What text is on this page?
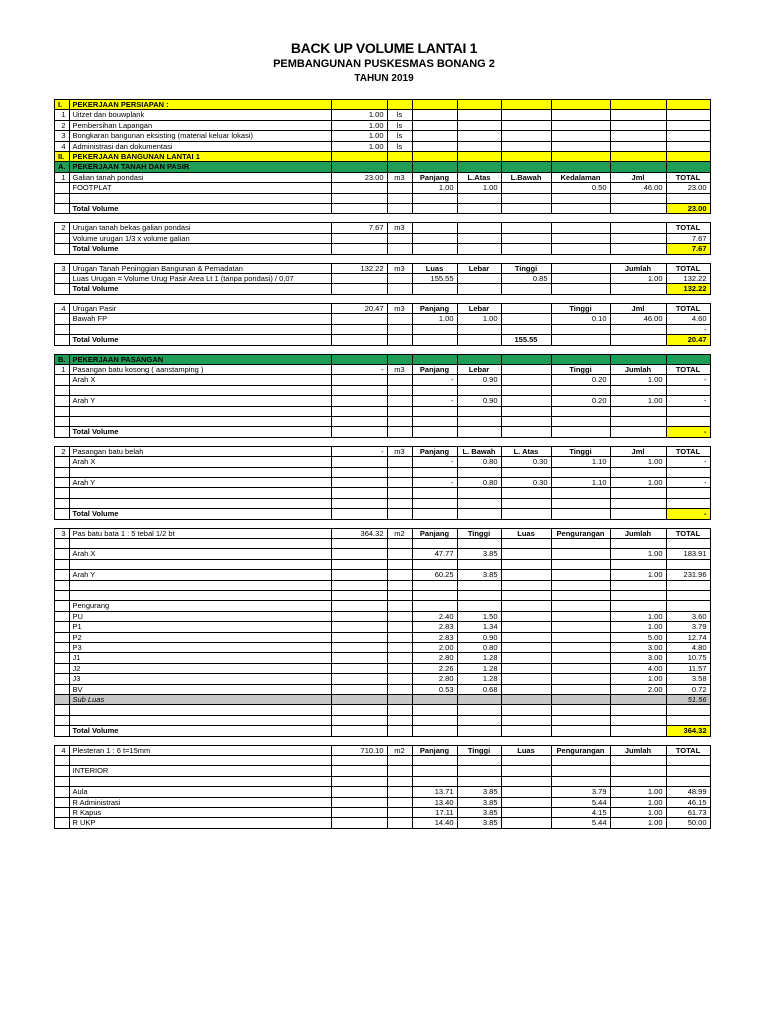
BACK UP VOLUME LANTAI 1
PEMBANGUNAN PUSKESMAS BONANG 2
TAHUN 2019
I.	PEKERJAAN PERSIAPAN :								
1	Uitzet dan bouwplank	1.00	ls						
2	Pembersihan Lapangan	1.00	ls						
3	Bongkaran bangunan eksisting (material keluar lokasi)	1.00	ls						
4	Administrasi dan dokumentasi	1.00	ls						
II.	PEKERJAAN BANGUNAN LANTAI 1								
A.	PEKERJAAN TANAH DAN PASIR								
1	Galian tanah pondasi	23.00	m3	Panjang	L.Atas	L.Bawah	Kedalaman	Jml	TOTAL
	FOOTPLAT			1.00	1.00		0.50	46.00	23.00

	Total Volume								23.00

2	Urugan tanah bekas galian pondasi	7.67	m3						TOTAL
	Volume urugan 1/3 x volume galian								7.67
	Total Volume								7.67

3	Urugan Tanah Peninggian Bangunan & Pemadatan	132.22	m3	Luas	Lebar	Tinggi		Jumlah	TOTAL
	Luas Urugan = Volume Urug Pasir Area Lt 1 (tanpa pondasi) / 0,07			155.55		0.85		1.00	132.22
	Total Volume								132.22

4	Urugan Pasir	20.47	m3	Panjang	Lebar		Tinggi	Jml	TOTAL
	Bawah FP			1.00	1.00		0.10	46.00	4.60
									-
	Total Volume					155.55			20.47

B.	PEKERJAAN PASANGAN								
1	Pasangan batu kosong ( aanstamping )	-	m3	Panjang	Lebar		Tinggi	Jumlah	TOTAL
	Arah X			-	0.90		0.20	1.00	-

	Arah Y			-	0.90		0.20	1.00	-

	Total Volume								-

2	Pasangan batu belah	-	m3	Panjang	L. Bawah	L. Atas	Tinggi	Jml	TOTAL
	Arah X			-	0.80	0.30	1.10	1.00	-

	Arah Y			-	0.80	0.30	1.10	1.00	-

	Total Volume								-

3	Pas batu bata 1 : 5 tebal 1/2 bt	364.32	m2	Panjang	Tinggi	Luas	Pengurangan	Jumlah	TOTAL

	Arah X			47.77	3.85			1.00	183.91

	Arah Y			60.25	3.85			1.00	231.96

	Pengurang								
	PU			2.40	1.50			1.00	3.60
	P1			2.83	1.34			1.00	3.79
	P2			2.83	0.90			5.00	12.74
	P3			2.00	0.80			3.00	4.80
	J1			2.80	1.28			3.00	10.75
	J2			2.26	1.28			4.00	11.57
	J3			2.80	1.28			1.00	3.58
	BV			0.53	0.68			2.00	0.72
	Sub Luas								51.56

	Total Volume								364.32

4	Plesteran 1 : 6 t=15mm	710.10	m2	Panjang	Tinggi	Luas	Pengurangan	Jumlah	TOTAL

	INTERIOR								

	Aula			13.71	3.85		3.79	1.00	48.99
	R Administrasi			13.40	3.85		5.44	1.00	46.15
	R Kapus			17.11	3.85		4.15	1.00	61.73
	R UKP			14.40	3.85		5.44	1.00	50.00
